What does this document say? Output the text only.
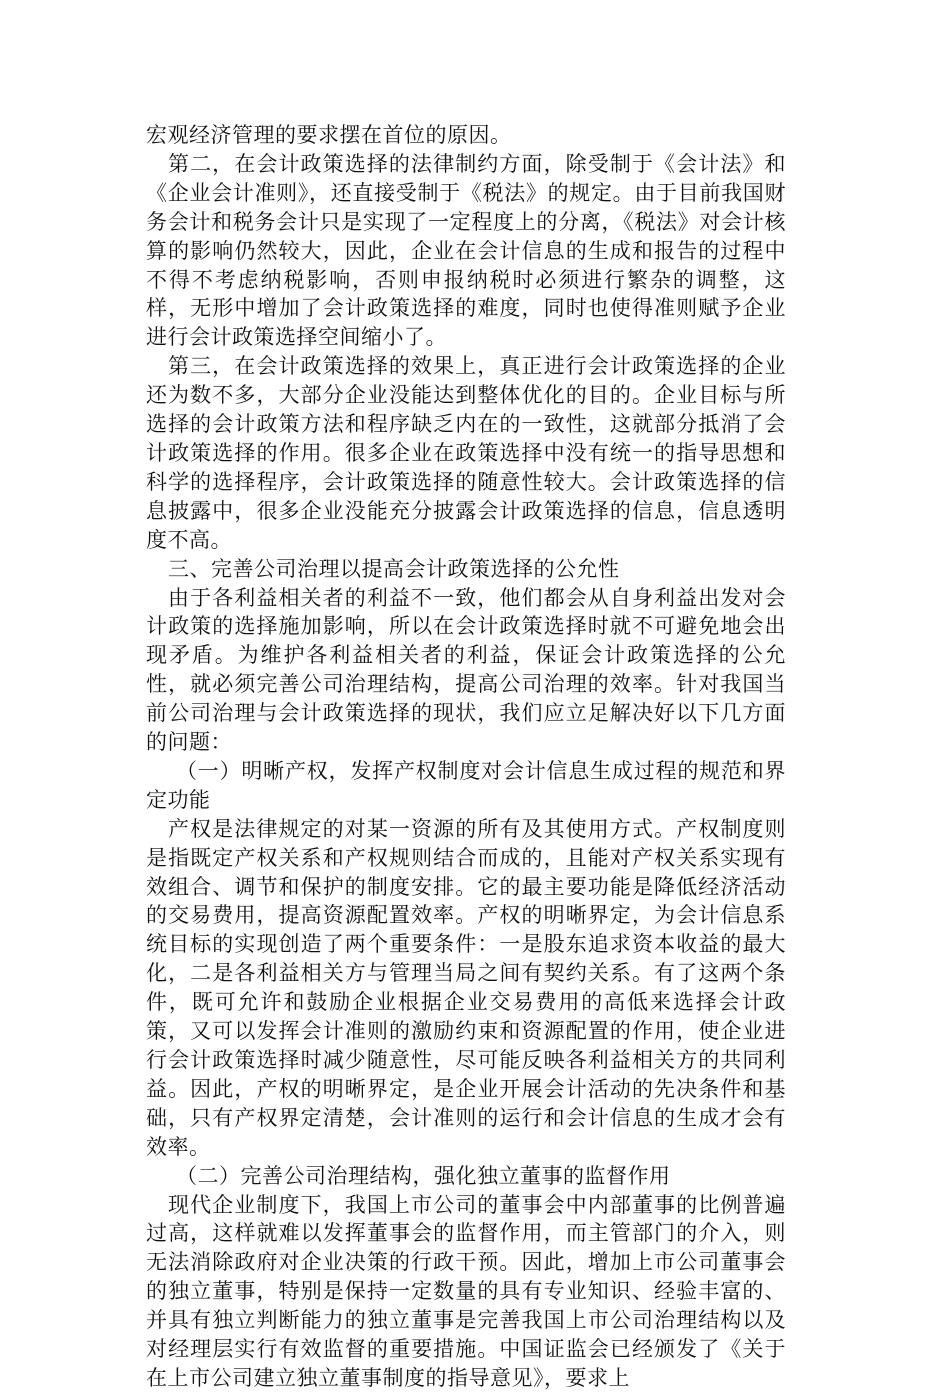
宏观经济管理的要求摆在首位的原因。

第二，在会计政策选择的法律制约方面，除受制于《会计法》和《企业会计准则》，还直接受制于《税法》的规定。由于目前我国财务会计和税务会计只是实现了一定程度上的分离，《税法》对会计核算的影响仍然较大，因此，企业在会计信息的生成和报告的过程中不得不考虑纳税影响，否则申报纳税时必须进行繁杂的调整，这样，无形中增加了会计政策选择的难度，同时也使得准则赋予企业进行会计政策选择空间缩小了。

第三，在会计政策选择的效果上，真正进行会计政策选择的企业还为数不多，大部分企业没能达到整体优化的目的。企业目标与所选择的会计政策方法和程序缺乏内在的一致性，这就部分抵消了会计政策选择的作用。很多企业在政策选择中没有统一的指导思想和科学的选择程序，会计政策选择的随意性较大。会计政策选择的信息披露中，很多企业没能充分披露会计政策选择的信息，信息透明度不高。

三、完善公司治理以提高会计政策选择的公允性

由于各利益相关者的利益不一致，他们都会从自身利益出发对会计政策的选择施加影响，所以在会计政策选择时就不可避免地会出现矛盾。为维护各利益相关者的利益，保证会计政策选择的公允性，就必须完善公司治理结构，提高公司治理的效率。针对我国当前公司治理与会计政策选择的现状，我们应立足解决好以下几方面的问题：

（一）明晰产权，发挥产权制度对会计信息生成过程的规范和界定功能

产权是法律规定的对某一资源的所有及其使用方式。产权制度则是指既定产权关系和产权规则结合而成的，且能对产权关系实现有效组合、调节和保护的制度安排。它的最主要功能是降低经济活动的交易费用，提高资源配置效率。产权的明晰界定，为会计信息系统目标的实现创造了两个重要条件：一是股东追求资本收益的最大化，二是各利益相关方与管理当局之间有契约关系。有了这两个条件，既可允许和鼓励企业根据企业交易费用的高低来选择会计政策，又可以发挥会计准则的激励约束和资源配置的作用，使企业进行会计政策选择时减少随意性，尽可能反映各利益相关方的共同利益。因此，产权的明晰界定，是企业开展会计活动的先决条件和基础，只有产权界定清楚，会计准则的运行和会计信息的生成才会有效率。

（二）完善公司治理结构，强化独立董事的监督作用

现代企业制度下，我国上市公司的董事会中内部董事的比例普遍过高，这样就难以发挥董事会的监督作用，而主管部门的介入，则无法消除政府对企业决策的行政干预。因此，增加上市公司董事会的独立董事，特别是保持一定数量的具有专业知识、经验丰富的、并具有独立判断能力的独立董事是完善我国上市公司治理结构以及对经理层实行有效监督的重要措施。中国证监会已经颁发了《关于在上市公司建立独立董事制度的指导意见》，要求上
